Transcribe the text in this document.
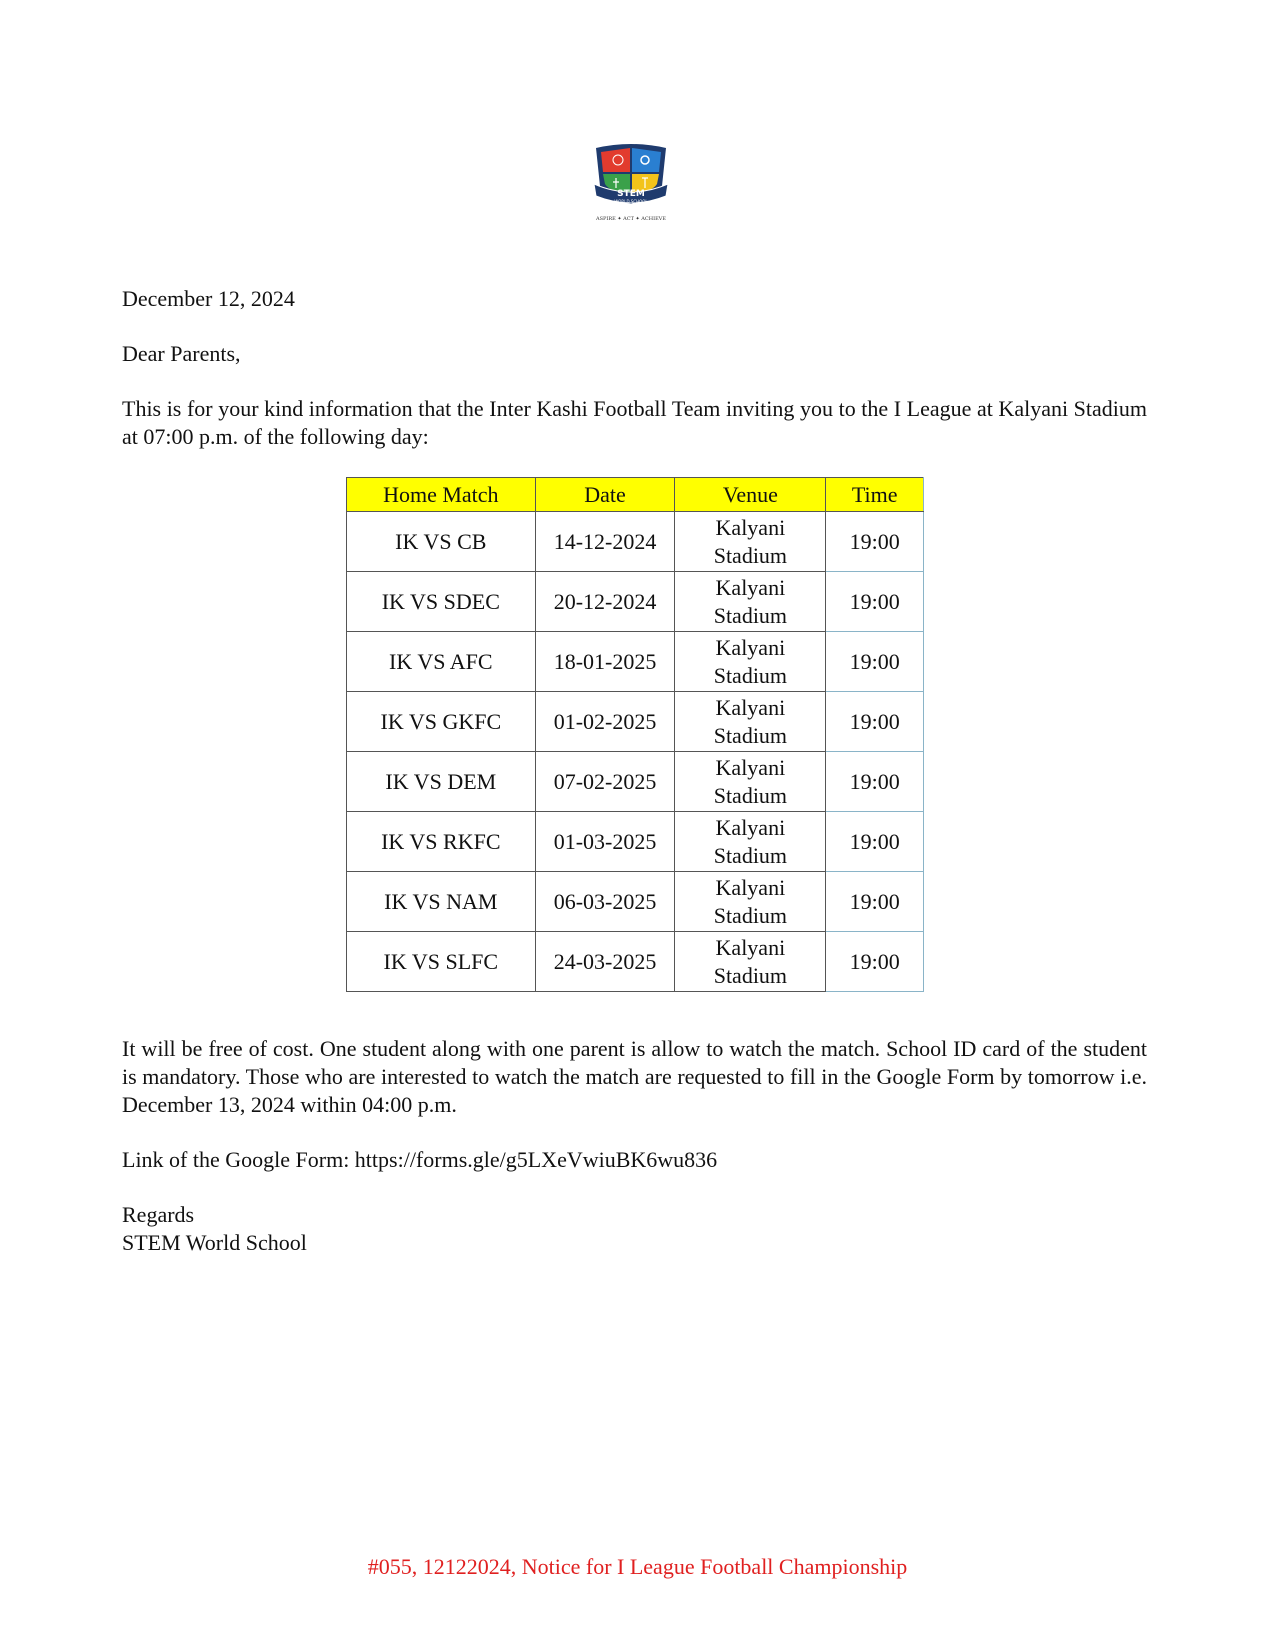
STEM
WORLD SCHOOL
ASPIRE ✦ ACT ✦ ACHIEVE
December 12, 2024
Dear Parents,
This is for your kind information that the Inter Kashi Football Team inviting you to the I League at Kalyani Stadium at 07:00 p.m. of the following day:
Home Match	Date	Venue	Time
IK VS CB	14-12-2024	Kalyani Stadium	19:00
IK VS SDEC	20-12-2024	Kalyani Stadium	19:00
IK VS AFC	18-01-2025	Kalyani Stadium	19:00
IK VS GKFC	01-02-2025	Kalyani Stadium	19:00
IK VS DEM	07-02-2025	Kalyani Stadium	19:00
IK VS RKFC	01-03-2025	Kalyani Stadium	19:00
IK VS NAM	06-03-2025	Kalyani Stadium	19:00
IK VS SLFC	24-03-2025	Kalyani Stadium	19:00
It will be free of cost. One student along with one parent is allow to watch the match. School ID card of the student is mandatory. Those who are interested to watch the match are requested to fill in the Google Form by tomorrow i.e. December 13, 2024 within 04:00 p.m.
Link of the Google Form: https://forms.gle/g5LXeVwiuBK6wu836
Regards
STEM World School
#055, 12122024, Notice for I League Football Championship
